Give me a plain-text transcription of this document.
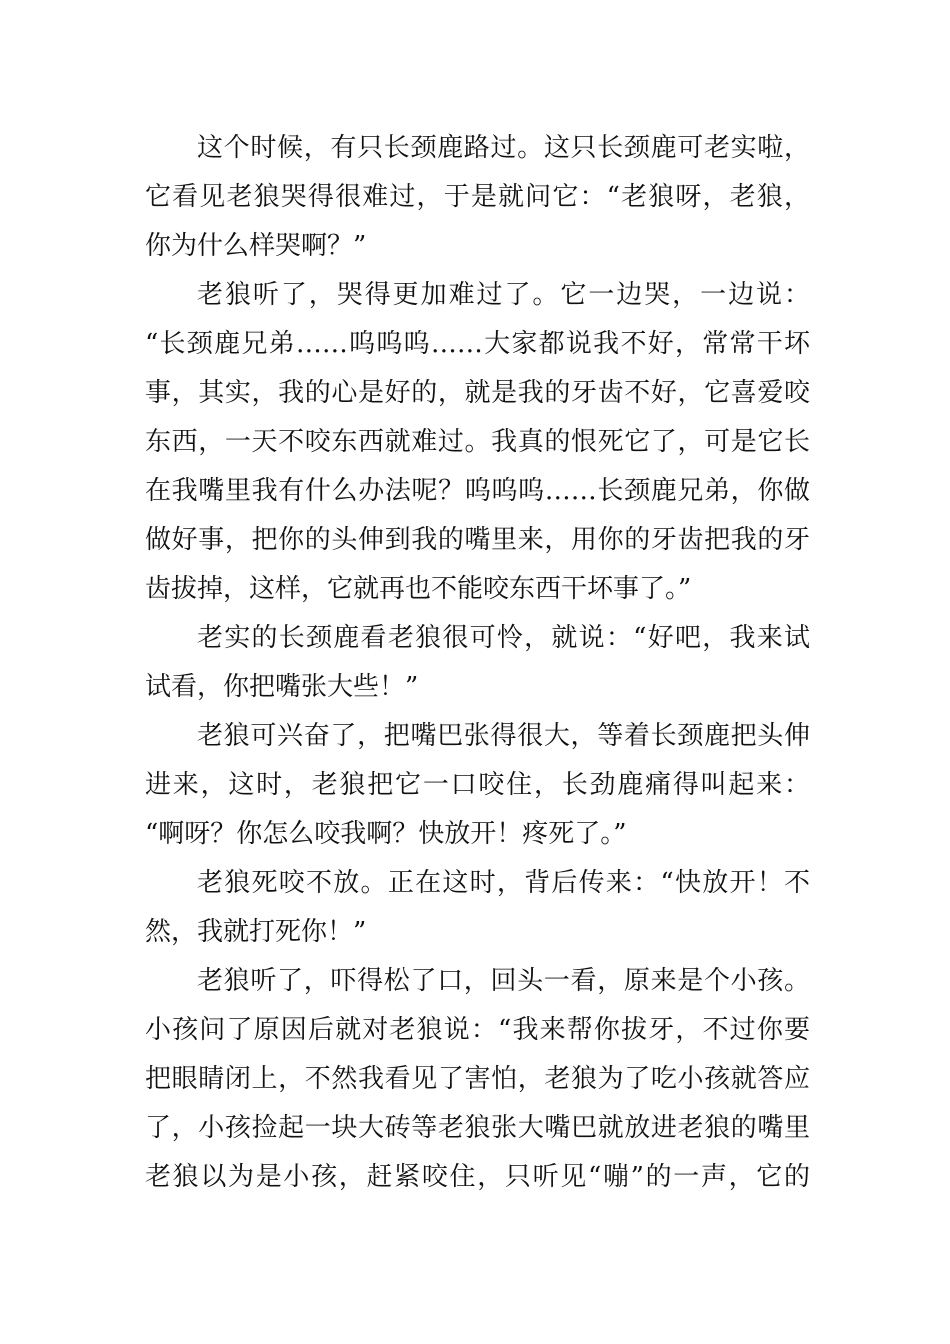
这个时候，有只长颈鹿路过。这只长颈鹿可老实啦，
它看见老狼哭得很难过，于是就问它：“老狼呀，老狼，
你为什么样哭啊？”
老狼听了，哭得更加难过了。它一边哭，一边说：
“长颈鹿兄弟……呜呜呜……大家都说我不好，常常干坏
事，其实，我的心是好的，就是我的牙齿不好，它喜爱咬
东西，一天不咬东西就难过。我真的恨死它了，可是它长
在我嘴里我有什么办法呢？呜呜呜……长颈鹿兄弟，你做
做好事，把你的头伸到我的嘴里来，用你的牙齿把我的牙
齿拔掉，这样，它就再也不能咬东西干坏事了。”
老实的长颈鹿看老狼很可怜，就说：“好吧，我来试
试看，你把嘴张大些！”
老狼可兴奋了，把嘴巴张得很大，等着长颈鹿把头伸
进来，这时，老狼把它一口咬住，长劲鹿痛得叫起来：
“啊呀？你怎么咬我啊？快放开！疼死了。”
老狼死咬不放。正在这时，背后传来：“快放开！不
然，我就打死你！”
老狼听了，吓得松了口，回头一看，原来是个小孩。
小孩问了原因后就对老狼说：“我来帮你拔牙，不过你要
把眼睛闭上，不然我看见了害怕，老狼为了吃小孩就答应
了，小孩捡起一块大砖等老狼张大嘴巴就放进老狼的嘴里
老狼以为是小孩，赶紧咬住，只听见“嘣”的一声，它的
